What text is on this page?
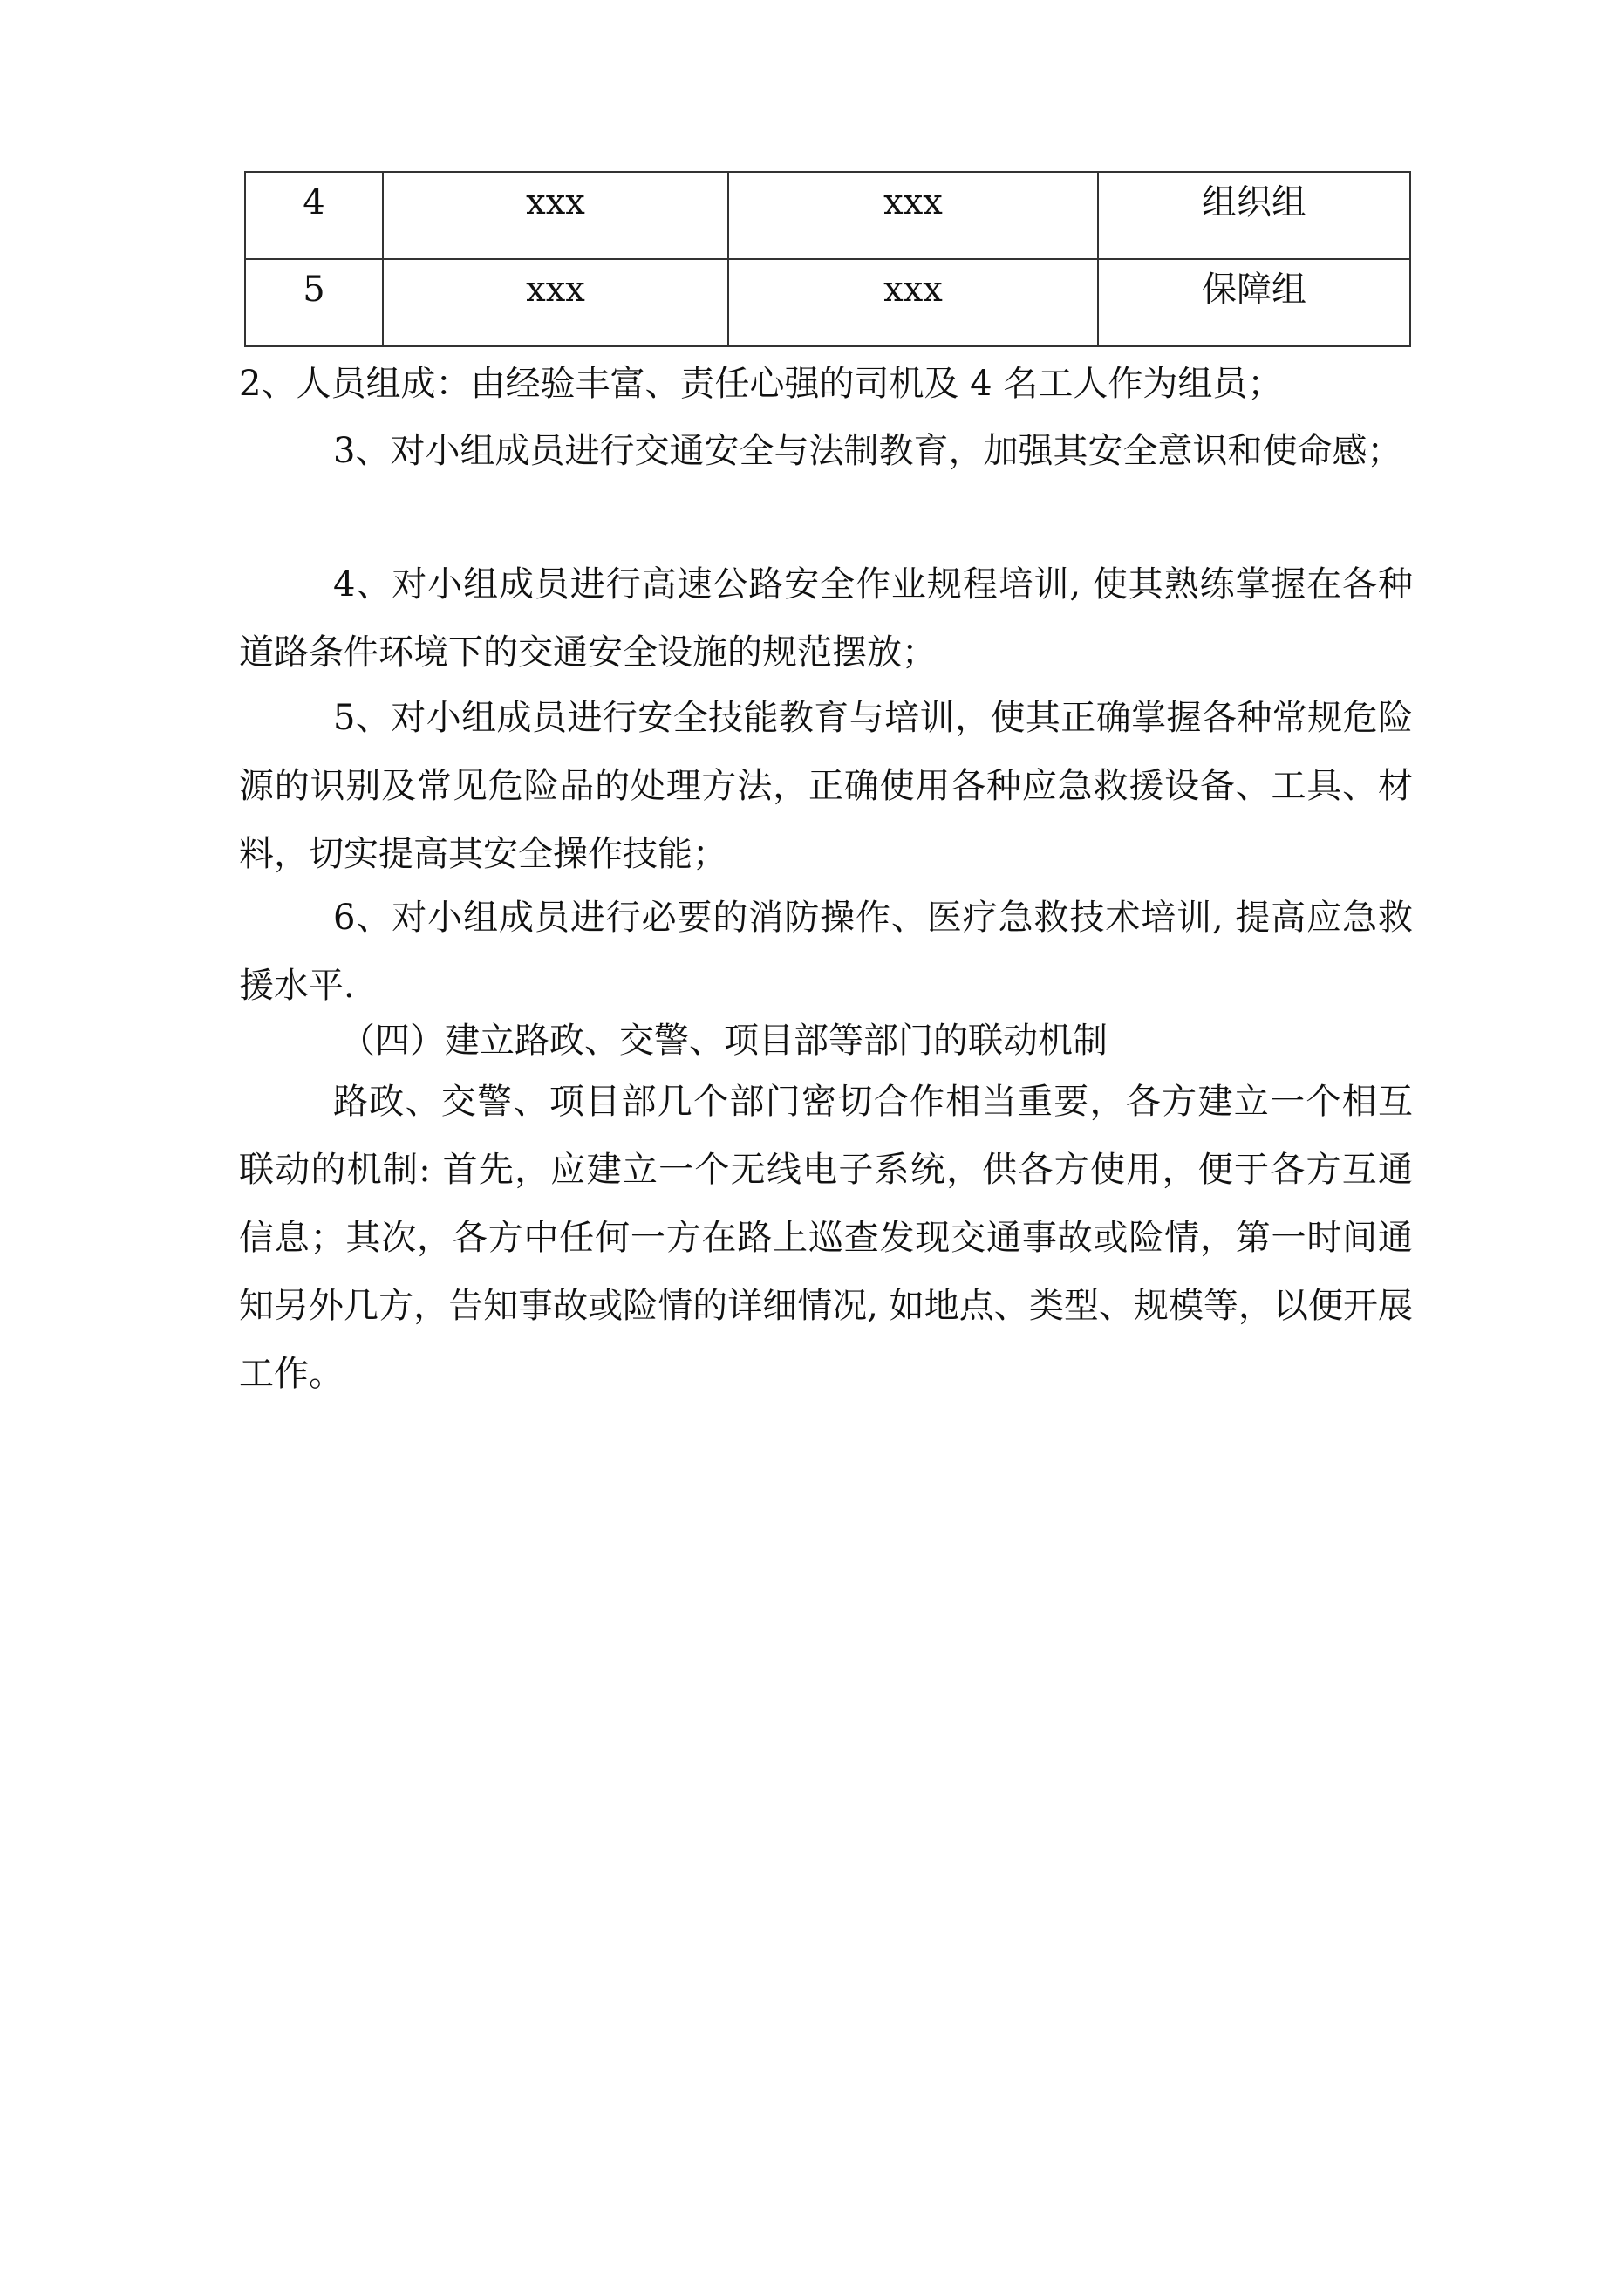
4	xxx	xxx	组织组

5	xxx	xxx	保障组

2、人员组成：由经验丰富、责任心强的司机及 4 名工人作为组员；

3、对小组成员进行交通安全与法制教育，加强其安全意识和使命感；

4、对小组成员进行高速公路安全作业规程培训, 使其熟练掌握在各种道路条件环境下的交通安全设施的规范摆放；

5、对小组成员进行安全技能教育与培训，使其正确掌握各种常规危险源的识别及常见危险品的处理方法，正确使用各种应急救援设备、工具、材料，切实提高其安全操作技能；

6、对小组成员进行必要的消防操作、医疗急救技术培训, 提高应急救援水平.

（四）建立路政、交警、项目部等部门的联动机制

路政、交警、项目部几个部门密切合作相当重要，各方建立一个相互联动的机制: 首先，应建立一个无线电子系统，供各方使用，便于各方互通信息；其次，各方中任何一方在路上巡查发现交通事故或险情，第一时间通知另外几方，告知事故或险情的详细情况, 如地点、类型、规模等，以便开展工作。
